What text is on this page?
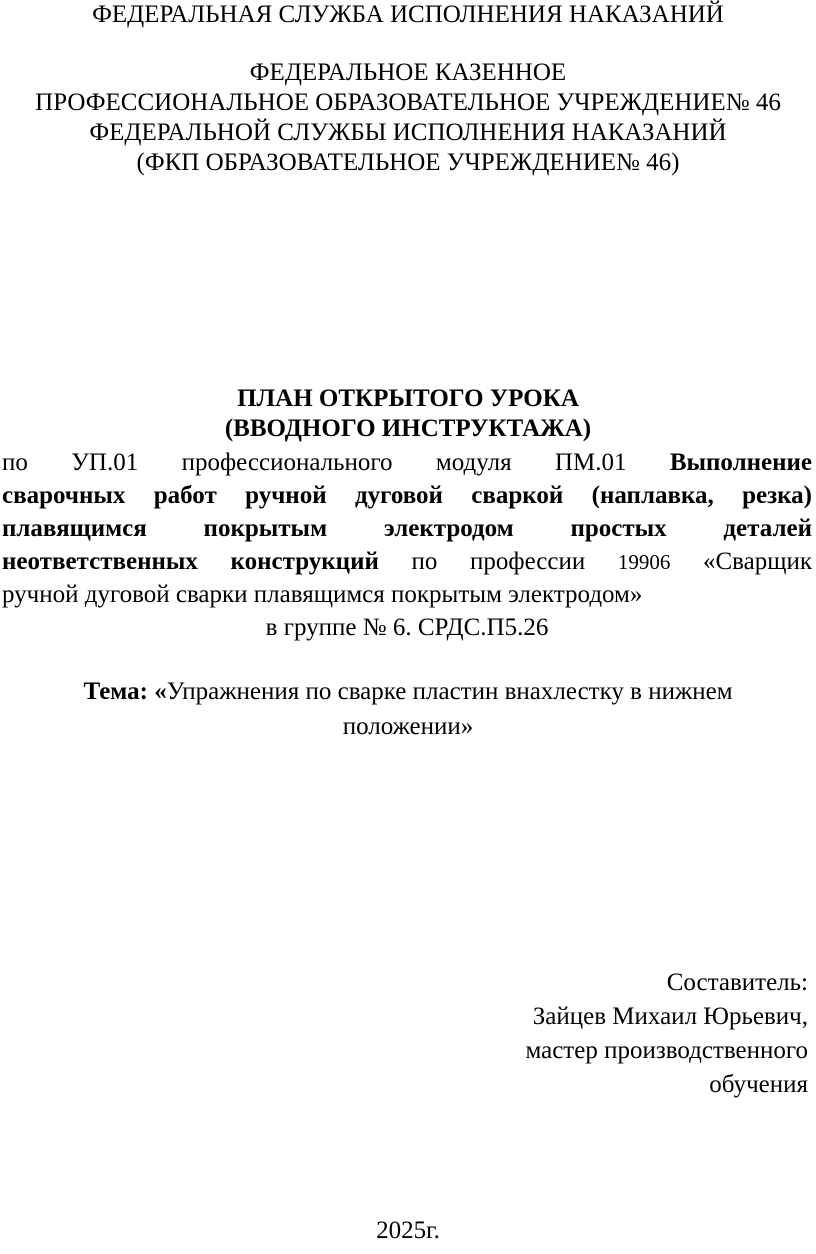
ФЕДЕРАЛЬНАЯ СЛУЖБА ИСПОЛНЕНИЯ НАКАЗАНИЙ
ФЕДЕРАЛЬНОЕ КАЗЕННОЕ
ПРОФЕССИОНАЛЬНОЕ ОБРАЗОВАТЕЛЬНОЕ УЧРЕЖДЕНИЕ№ 46
ФЕДЕРАЛЬНОЙ СЛУЖБЫ ИСПОЛНЕНИЯ НАКАЗАНИЙ
(ФКП ОБРАЗОВАТЕЛЬНОЕ УЧРЕЖДЕНИЕ№ 46)
ПЛАН ОТКРЫТОГО УРОКА
(ВВОДНОГО ИНСТРУКТАЖА)
по УП.01 профессионального модуля ПМ.01 Выполнение
сварочных работ ручной дуговой сваркой (наплавка, резка)
плавящимся покрытым электродом простых деталей
неответственных конструкций по профессии 19906 «Сварщик
ручной дуговой сварки плавящимся покрытым электродом»
в группе № 6. СРДС.П5.26
Тема: «Упражнения по сварке пластин внахлестку в нижнем
положении»
Составитель:
Зайцев Михаил Юрьевич,
мастер производственного
обучения
2025г.
